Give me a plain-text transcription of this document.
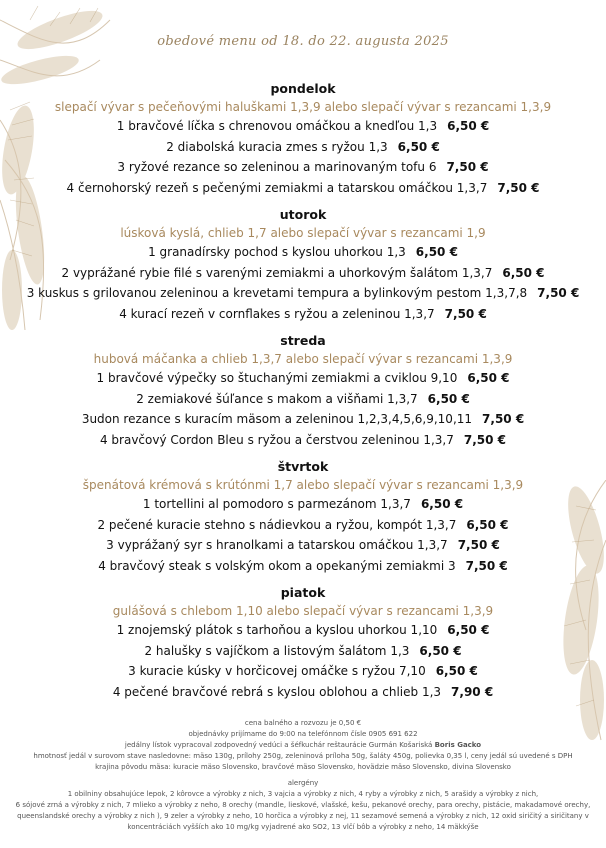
obedové menu od 18. do 22. augusta 2025
pondelok
slepačí vývar s pečeňovými haluškami 1,3,9 alebo slepačí vývar s rezancami 1,3,9
1 bravčové líčka s chrenovou omáčkou a knedľou 1,3 6,50 €
2 diabolská kuracia zmes s ryžou 1,3 6,50 €
3 ryžové rezance so zeleninou a marinovaným tofu 6 7,50 €
4 černohorský rezeň s pečenými zemiakmi a tatarskou omáčkou 1,3,7 7,50 €
utorok
lúsková kyslá, chlieb 1,7 alebo slepačí vývar s rezancami 1,9
1 granadírsky pochod s kyslou uhorkou 1,3 6,50 €
2 vyprážané rybie filé s varenými zemiakmi a uhorkovým šalátom 1,3,7 6,50 €
3 kuskus s grilovanou zeleninou a krevetami tempura a bylinkovým pestom 1,3,7,8 7,50 €
4 kurací rezeň v cornflakes s ryžou a zeleninou 1,3,7 7,50 €
streda
hubová máčanka a chlieb 1,3,7 alebo slepačí vývar s rezancami 1,3,9
1 bravčové výpečky so štuchanými zemiakmi a cviklou 9,10 6,50 €
2 zemiakové šúľance s makom a višňami 1,3,7 6,50 €
3udon rezance s kuracím mäsom a zeleninou 1,2,3,4,5,6,9,10,11 7,50 €
4 bravčový Cordon Bleu s ryžou a čerstvou zeleninou 1,3,7 7,50 €
štvrtok
špenátová krémová s krútónmi 1,7 alebo slepačí vývar s rezancami 1,3,9
1 tortellini al pomodoro s parmezánom 1,3,7 6,50 €
2 pečené kuracie stehno s nádievkou a ryžou, kompót 1,3,7 6,50 €
3 vyprážaný syr s hranolkami a tatarskou omáčkou 1,3,7 7,50 €
4 bravčový steak s volským okom a opekanými zemiakmi 3 7,50 €
piatok
gulášová s chlebom 1,10 alebo slepačí vývar s rezancami 1,3,9
1 znojemský plátok s tarhoňou a kyslou uhorkou 1,10 6,50 €
2 halušky s vajíčkom a listovým šalátom 1,3 6,50 €
3 kuracie kúsky v horčicovej omáčke s ryžou 7,10 6,50 €
4 pečené bravčové rebrá s kyslou oblohou a chlieb 1,3 7,90 €
cena balného a rozvozu je 0,50 €
objednávky prijímame do 9:00 na telefónnom čísle 0905 691 622
jedálny lístok vypracoval zodpovedný vedúci a šéfkuchár reštaurácie Gurmán Košariská Boris Gacko
hmotnosť jedál v surovom stave nasledovne: mäso 130g, prílohy 250g, zeleninová príloha 50g, šaláty 450g, polievka 0,35 l, ceny jedál sú uvedené s DPH
krajina pôvodu mäsa: kuracie mäso Slovensko, bravčové mäso Slovensko, hovädzie mäso Slovensko, divina Slovensko
alergény
1 obilniny obsahujúce lepok, 2 kôrovce a výrobky z nich, 3 vajcia a výrobky z nich, 4 ryby a výrobky z nich, 5 arašidy a výrobky z nich,
6 sójové zrná a výrobky z nich, 7 mlieko a výrobky z neho, 8 orechy (mandle, lieskové, vlašské, kešu, pekanové orechy, para orechy, pistácie, makadamové orechy,
queenslandské orechy a výrobky z nich ), 9 zeler a výrobky z neho, 10 horčica a výrobky z nej, 11 sezamové semená a výrobky z nich, 12 oxid siričitý a siričitany v
koncentráciách vyšších ako 10 mg/kg vyjadrené ako SO2, 13 vlčí bôb a výrobky z neho, 14 mäkkýše
